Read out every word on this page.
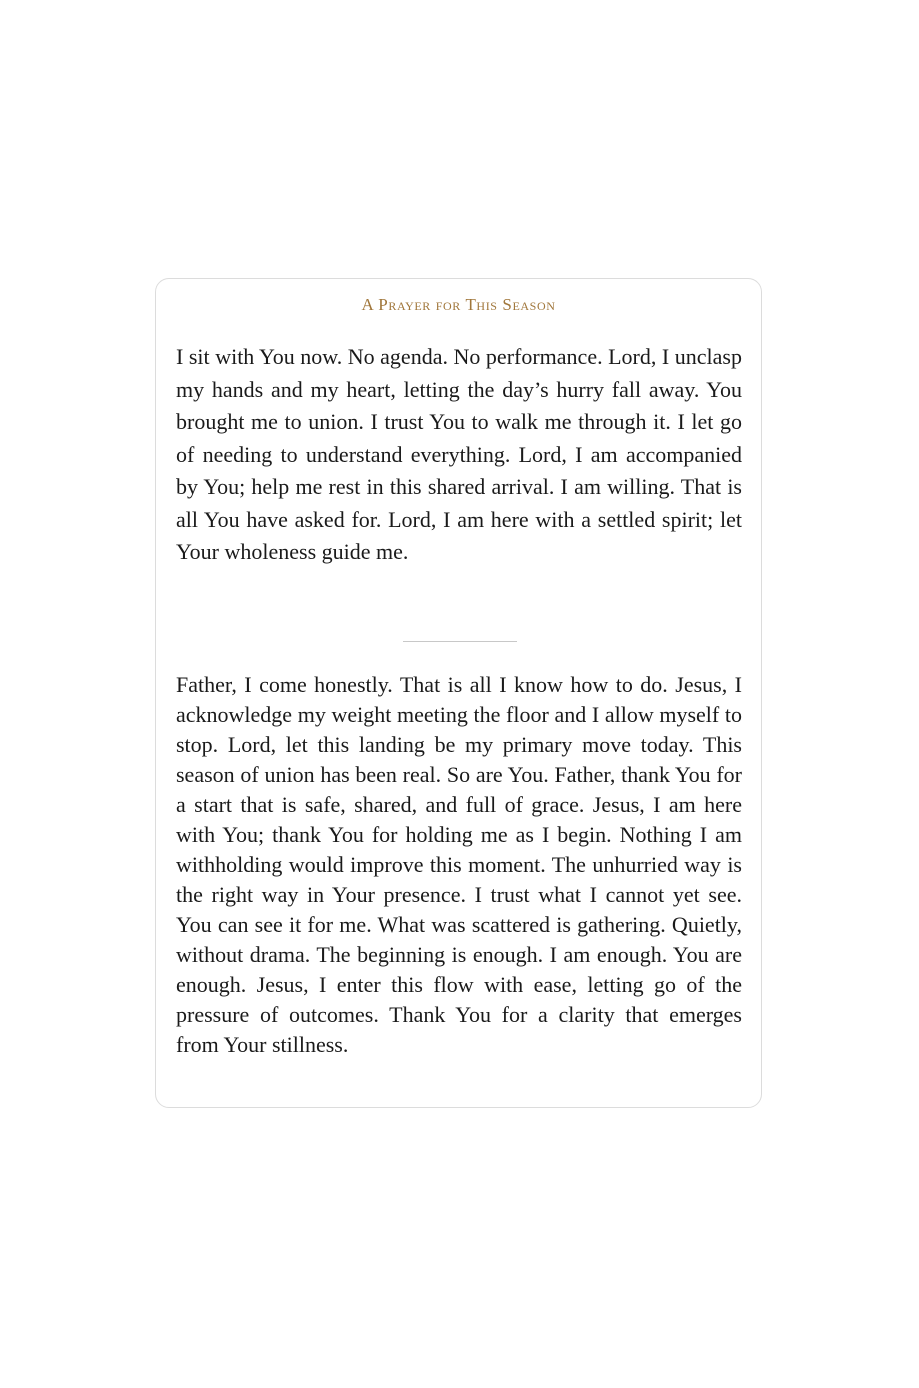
A Prayer for This Season

I sit with You now. No agenda. No performance. Lord, I unclasp my hands and my heart, letting the day’s hurry fall away. You brought me to union. I trust You to walk me through it. I let go of needing to understand everything. Lord, I am accompanied by You; help me rest in this shared arrival. I am willing. That is all You have asked for. Lord, I am here with a settled spirit; let Your wholeness guide me.

Father, I come honestly. That is all I know how to do. Jesus, I acknowledge my weight meeting the floor and I allow myself to stop. Lord, let this landing be my primary move today. This season of union has been real. So are You. Father, thank You for a start that is safe, shared, and full of grace. Jesus, I am here with You; thank You for holding me as I begin. Nothing I am withholding would improve this moment. The unhurried way is the right way in Your presence. I trust what I cannot yet see. You can see it for me. What was scattered is gathering. Quietly, without drama. The beginning is enough. I am enough. You are enough. Jesus, I enter this flow with ease, letting go of the pressure of outcomes. Thank You for a clarity that emerges from Your stillness.
